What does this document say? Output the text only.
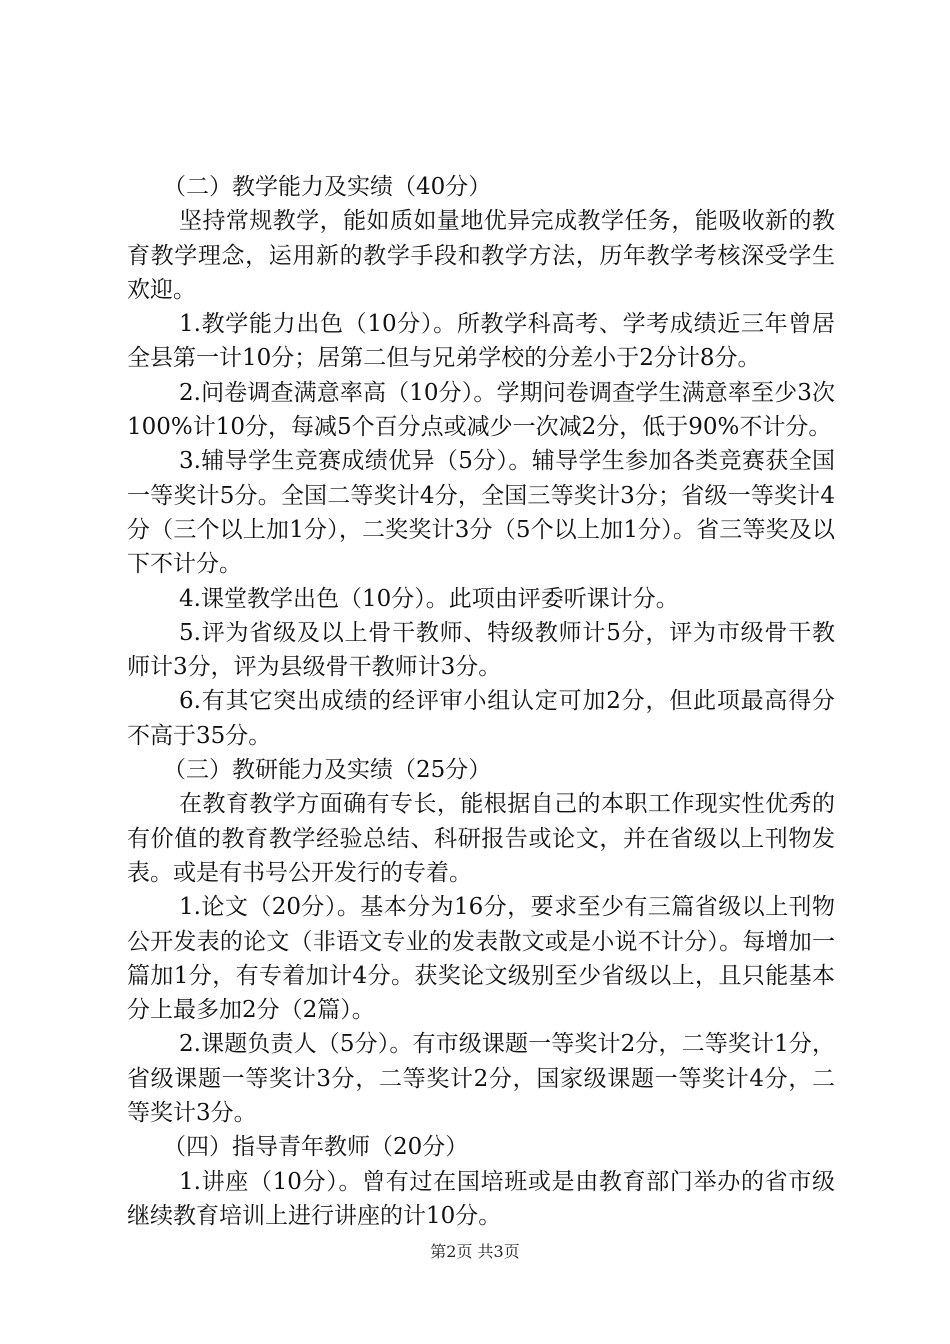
（二）教学能力及实绩（40分）

坚持常规教学，能如质如量地优异完成教学任务，能吸收新的教育教学理念，运用新的教学手段和教学方法，历年教学考核深受学生欢迎。

1.教学能力出色（10分）。所教学科高考、学考成绩近三年曾居全县第一计10分；居第二但与兄弟学校的分差小于2分计8分。

2.问卷调查满意率高（10分）。学期问卷调查学生满意率至少3次100%计10分，每减5个百分点或减少一次减2分，低于90%不计分。

3.辅导学生竞赛成绩优异（5分）。辅导学生参加各类竞赛获全国一等奖计5分。全国二等奖计4分，全国三等奖计3分；省级一等奖计4分（三个以上加1分），二奖奖计3分（5个以上加1分）。省三等奖及以下不计分。

4.课堂教学出色（10分）。此项由评委听课计分。

5.评为省级及以上骨干教师、特级教师计5分，评为市级骨干教师计3分，评为县级骨干教师计3分。

6.有其它突出成绩的经评审小组认定可加2分，但此项最高得分不高于35分。

（三）教研能力及实绩（25分）

在教育教学方面确有专长，能根据自己的本职工作现实性优秀的有价值的教育教学经验总结、科研报告或论文，并在省级以上刊物发表。或是有书号公开发行的专着。

1.论文（20分）。基本分为16分，要求至少有三篇省级以上刊物公开发表的论文（非语文专业的发表散文或是小说不计分）。每增加一篇加1分，有专着加计4分。获奖论文级别至少省级以上，且只能基本分上最多加2分（2篇）。

2.课题负责人（5分）。有市级课题一等奖计2分，二等奖计1分，省级课题一等奖计3分，二等奖计2分，国家级课题一等奖计4分，二等奖计3分。

（四）指导青年教师（20分）

1.讲座（10分）。曾有过在国培班或是由教育部门举办的省市级继续教育培训上进行讲座的计10分。

第2页 共3页
